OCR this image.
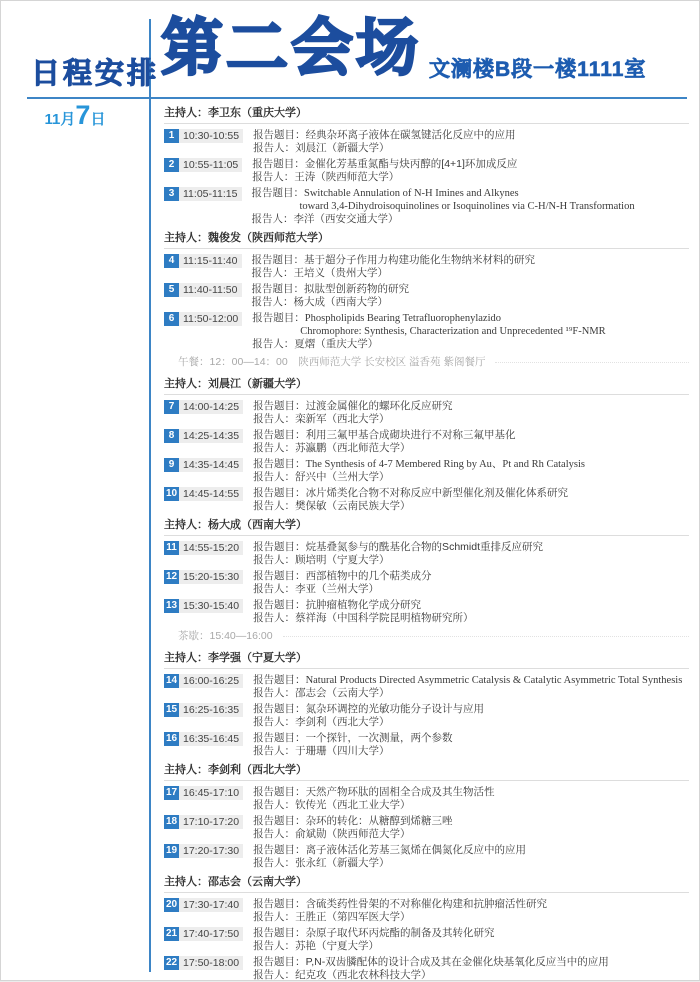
日程安排 第二会场 文澜楼B段一楼1111室
11月7日	主持人：李卫东（重庆大学）
1 10:30-10:55	报告题目：经典杂环离子液体在碳氢键活化反应中的应用
报告人：刘晨江（新疆大学）
2 10:55-11:05	报告题目：金催化芳基重氮酯与炔丙醇的[4+1]环加成反应
报告人：王涛（陕西师范大学）
3 11:05-11:15	报告题目：Switchable Annulation of N-H Imines and Alkynes
toward 3,4-Dihydroisoquinolines or Isoquinolines via C-H/N-H Transformation
报告人：李洋（西安交通大学）
主持人：魏俊发（陕西师范大学）
4 11:15-11:40	报告题目：基于超分子作用力构建功能化生物纳米材料的研究
报告人：王培义（贵州大学）
5 11:40-11:50	报告题目：拟肽型创新药物的研究
报告人：杨大成（西南大学）
6 11:50-12:00	报告题目：Phospholipids Bearing Tetrafluorophenylazido
Chromophore: Synthesis, Characterization and Unprecedented ¹⁹F-NMR
报告人：夏熠（重庆大学）
午餐：12：00—14：00　陕西师范大学 长安校区 溢香苑 紫阁餐厅
主持人：刘晨江（新疆大学）
7 14:00-14:25	报告题目：过渡金属催化的螺环化反应研究
报告人：栾新军（西北大学）
8 14:25-14:35	报告题目：利用三氟甲基合成砌块进行不对称三氟甲基化
报告人：苏瀛鹏（西北师范大学）
9 14:35-14:45	报告题目：The Synthesis of 4-7 Membered Ring by Au、Pt and Rh Catalysis
报告人：舒兴中（兰州大学）
10 14:45-14:55	报告题目：冰片烯类化合物不对称反应中新型催化剂及催化体系研究
报告人：樊保敏（云南民族大学）
主持人：杨大成（西南大学）
11 14:55-15:20	报告题目：烷基叠氮参与的酰基化合物的Schmidt重排反应研究
报告人：顾培明（宁夏大学）
12 15:20-15:30	报告题目：西部植物中的几个萜类成分
报告人：李亚（兰州大学）
13 15:30-15:40	报告题目：抗肿瘤植物化学成分研究
报告人：蔡祥海（中国科学院昆明植物研究所）
茶歇：15:40—16:00
主持人：李学强（宁夏大学）
14 16:00-16:25	报告题目：Natural Products Directed Asymmetric Catalysis & Catalytic Asymmetric Total Synthesis
报告人：邵志会（云南大学）
15 16:25-16:35	报告题目：氮杂环调控的光敏功能分子设计与应用
报告人：李剑利（西北大学）
16 16:35-16:45	报告题目：一个探针，一次测量，两个参数
报告人：于珊珊（四川大学）
主持人：李剑利（西北大学）
17 16:45-17:10	报告题目：天然产物环肽的固相全合成及其生物活性
报告人：钦传光（西北工业大学）
18 17:10-17:20	报告题目：杂环的转化：从糖醇到烯糖三唑
报告人：俞斌勋（陕西师范大学）
19 17:20-17:30	报告题目：离子液体活化芳基三氮烯在偶氮化反应中的应用
报告人：张永红（新疆大学）
主持人：邵志会（云南大学）
20 17:30-17:40	报告题目：含硫类药性骨架的不对称催化构建和抗肿瘤活性研究
报告人：王胜正（第四军医大学）
21 17:40-17:50	报告题目：杂原子取代环丙烷酯的制备及其转化研究
报告人：苏艳（宁夏大学）
22 17:50-18:00	报告题目：P,N-双齿膦配体的设计合成及其在金催化炔基氧化反应当中的应用
报告人：纪克攻（西北农林科技大学）
